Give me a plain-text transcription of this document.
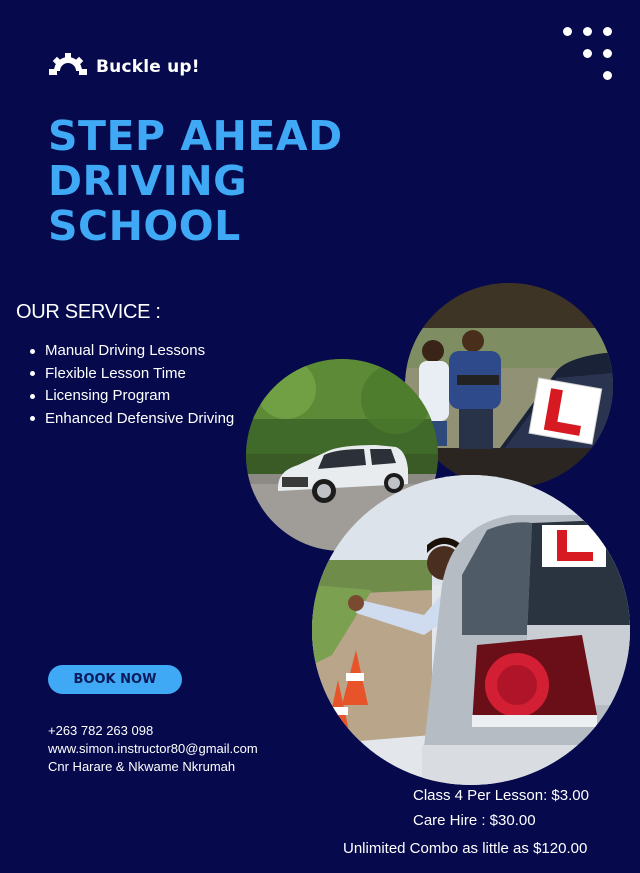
Buckle up!
STEP AHEAD
DRIVING
SCHOOL
OUR SERVICE :
Manual Driving Lessons
Flexible Lesson Time
Licensing Program
Enhanced Defensive Driving
BOOK NOW
+263 782 263 098
www.simon.instructor80@gmail.com
Cnr Harare & Nkwame Nkrumah
Class 4 Per Lesson: $3.00
Care Hire : $30.00
Unlimited Combo as little as $120.00
